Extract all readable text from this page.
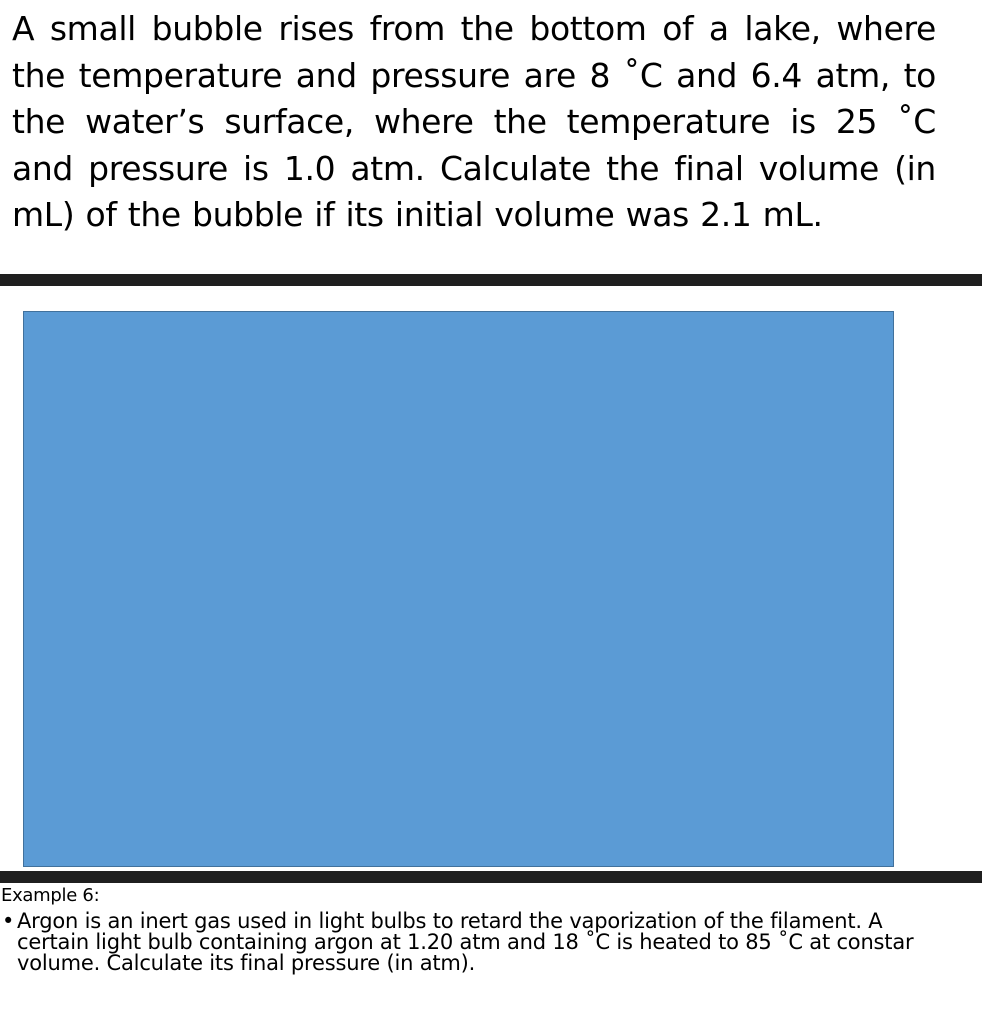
A small bubble rises from the bottom of a lake, where the temperature and pressure are 8 ˚C and 6.4 atm, to the water’s surface, where the temperature is 25 ˚C and pressure is 1.0 atm. Calculate the final volume (in mL) of the bubble if its initial volume was 2.1 mL.

Example 6:

• Argon is an inert gas used in light bulbs to retard the vaporization of the filament. A
certain light bulb containing argon at 1.20 atm and 18 ˚C is heated to 85 ˚C at constar
volume. Calculate its final pressure (in atm).
